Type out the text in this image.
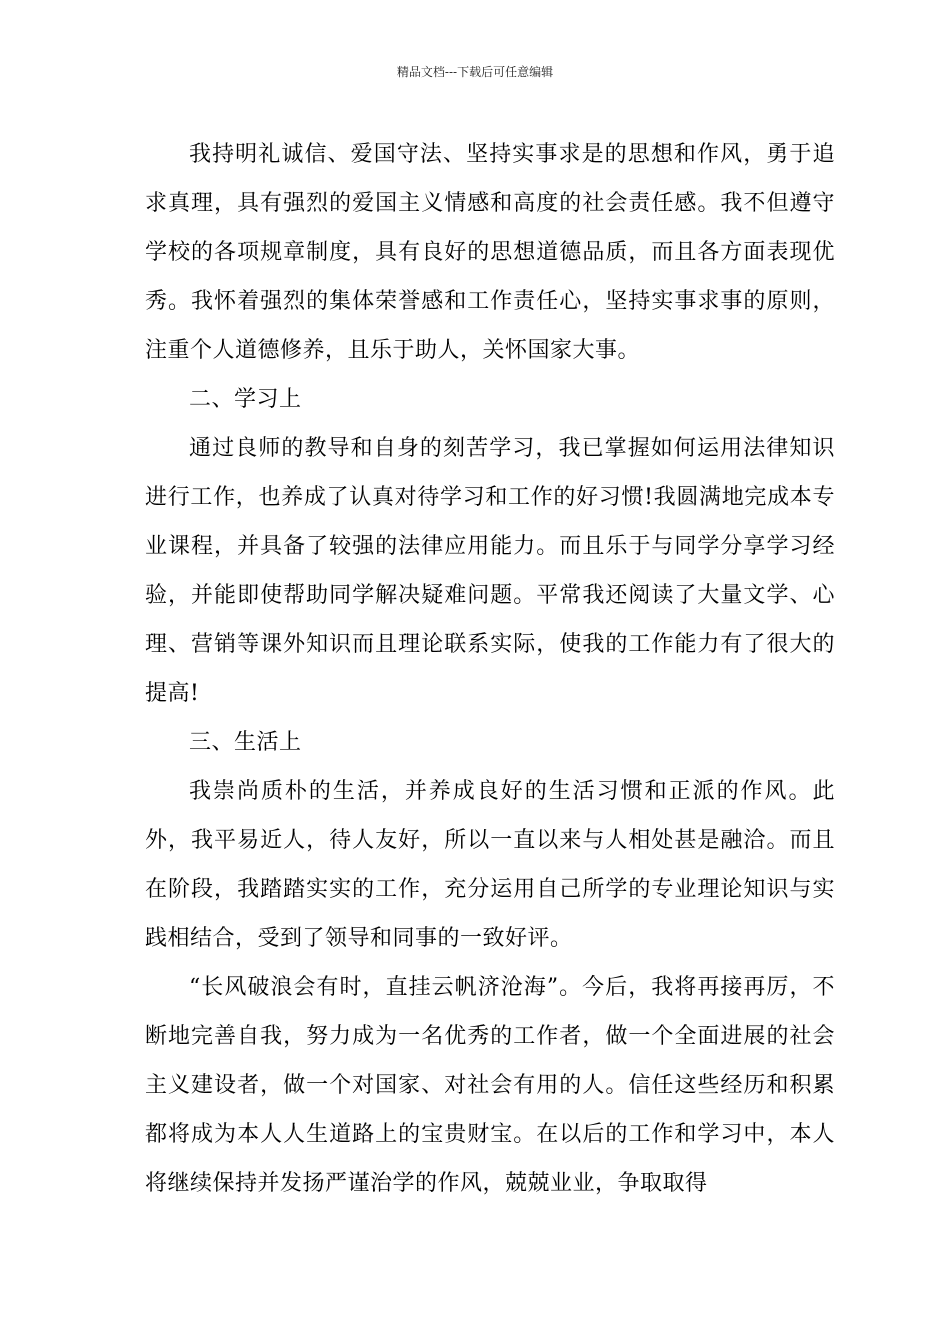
精品文档---下载后可任意编辑

我持明礼诚信、爱国守法、坚持实事求是的思想和作风，勇于追求真理，具有强烈的爱国主义情感和高度的社会责任感。我不但遵守学校的各项规章制度，具有良好的思想道德品质，而且各方面表现优秀。我怀着强烈的集体荣誉感和工作责任心，坚持实事求事的原则，注重个人道德修养，且乐于助人，关怀国家大事。

二、学习上

通过良师的教导和自身的刻苦学习，我已掌握如何运用法律知识进行工作，也养成了认真对待学习和工作的好习惯!我圆满地完成本专业课程，并具备了较强的法律应用能力。而且乐于与同学分享学习经验，并能即使帮助同学解决疑难问题。平常我还阅读了大量文学、心理、营销等课外知识而且理论联系实际，使我的工作能力有了很大的提高!

三、生活上

我崇尚质朴的生活，并养成良好的生活习惯和正派的作风。此外，我平易近人，待人友好，所以一直以来与人相处甚是融洽。而且在阶段，我踏踏实实的工作，充分运用自己所学的专业理论知识与实践相结合，受到了领导和同事的一致好评。

“长风破浪会有时，直挂云帆济沧海”。今后，我将再接再厉，不断地完善自我，努力成为一名优秀的工作者，做一个全面进展的社会主义建设者，做一个对国家、对社会有用的人。信任这些经历和积累都将成为本人人生道路上的宝贵财宝。在以后的工作和学习中，本人将继续保持并发扬严谨治学的作风，兢兢业业，争取取得
